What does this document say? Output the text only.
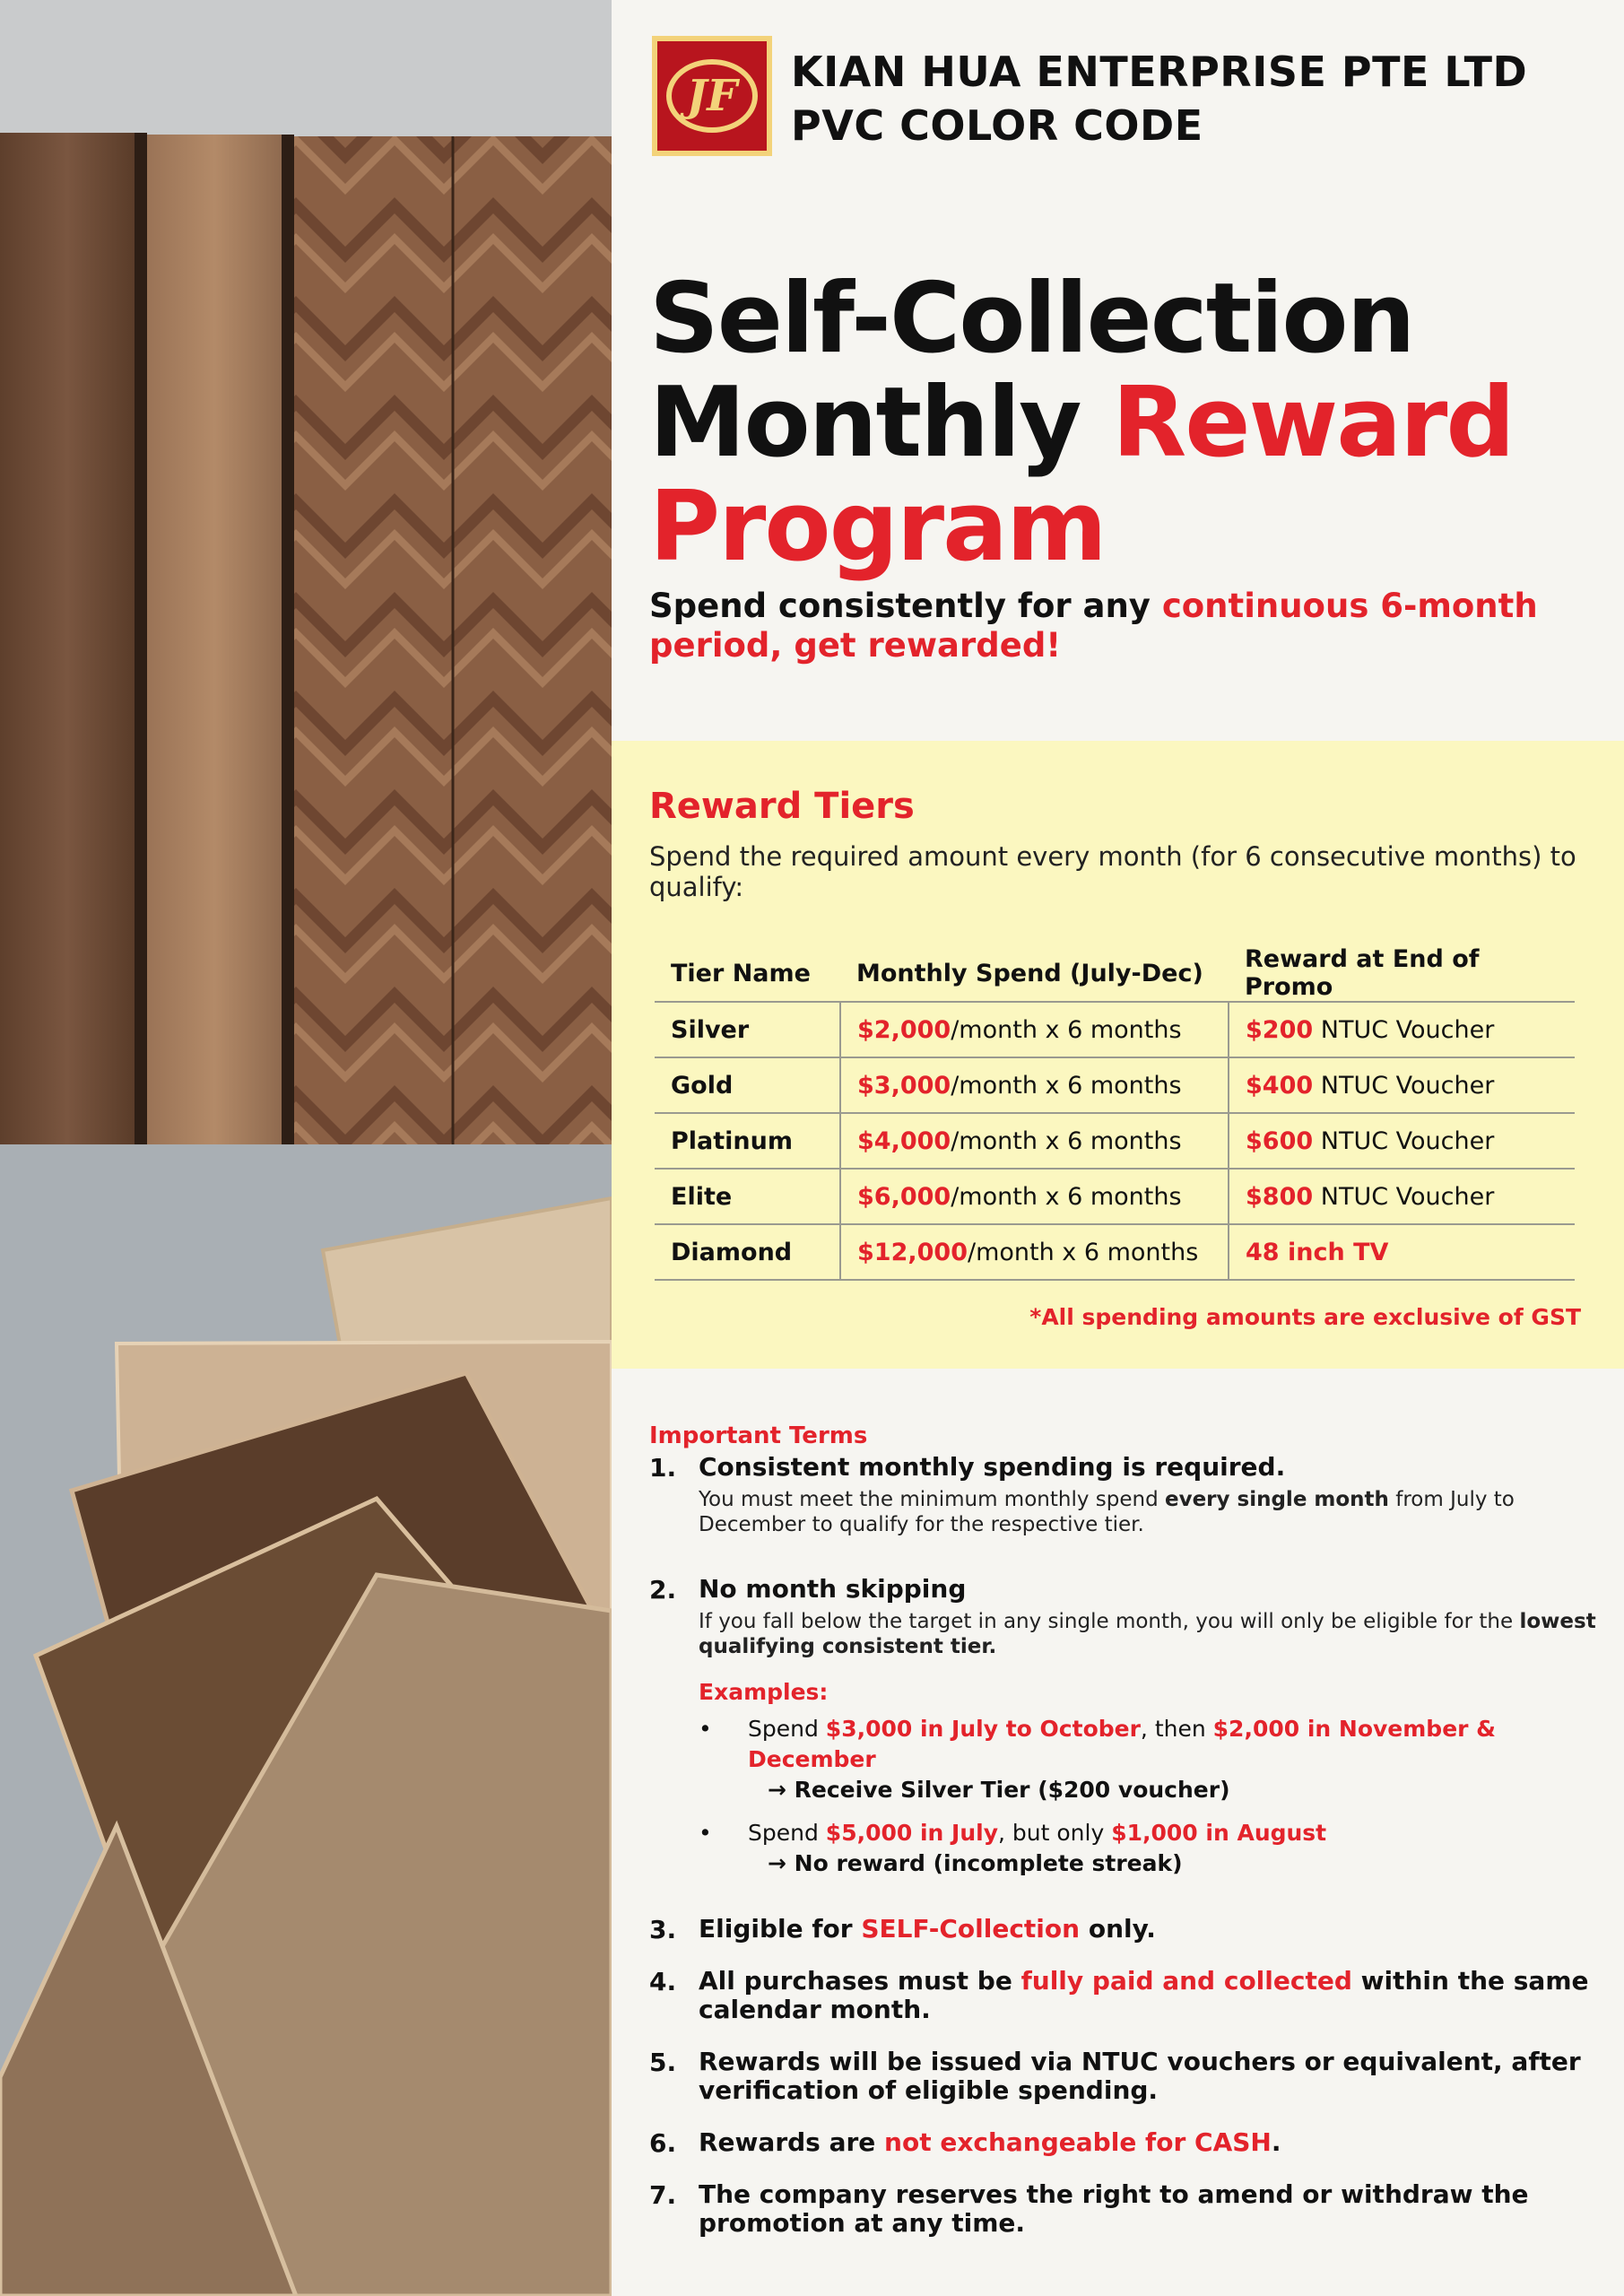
JF	KIAN HUA ENTERPRISE PTE LTD
PVC COLOR CODE
Self-Collection
Monthly Reward
Program
Spend consistently for any continuous 6-month period, get rewarded!
Reward Tiers
Spend the required amount every month (for 6 consecutive months) to qualify:
Tier Name	Monthly Spend (July-Dec)	Reward at End of Promo
Silver	$2,000/month x 6 months	$200 NTUC Voucher
Gold	$3,000/month x 6 months	$400 NTUC Voucher
Platinum	$4,000/month x 6 months	$600 NTUC Voucher
Elite	$6,000/month x 6 months	$800 NTUC Voucher
Diamond	$12,000/month x 6 months	48 inch TV
*All spending amounts are exclusive of GST
Important Terms
1. Consistent monthly spending is required.
You must meet the minimum monthly spend every single month from July to December to qualify for the respective tier.
2. No month skipping
If you fall below the target in any single month, you will only be eligible for the lowest qualifying consistent tier.
Examples:
• Spend $3,000 in July to October, then $2,000 in November & December
→ Receive Silver Tier ($200 voucher)
• Spend $5,000 in July, but only $1,000 in August
→ No reward (incomplete streak)
3. Eligible for SELF-Collection only.
4. All purchases must be fully paid and collected within the same calendar month.
5. Rewards will be issued via NTUC vouchers or equivalent, after verification of eligible spending.
6. Rewards are not exchangeable for CASH.
7. The company reserves the right to amend or withdraw the promotion at any time.
